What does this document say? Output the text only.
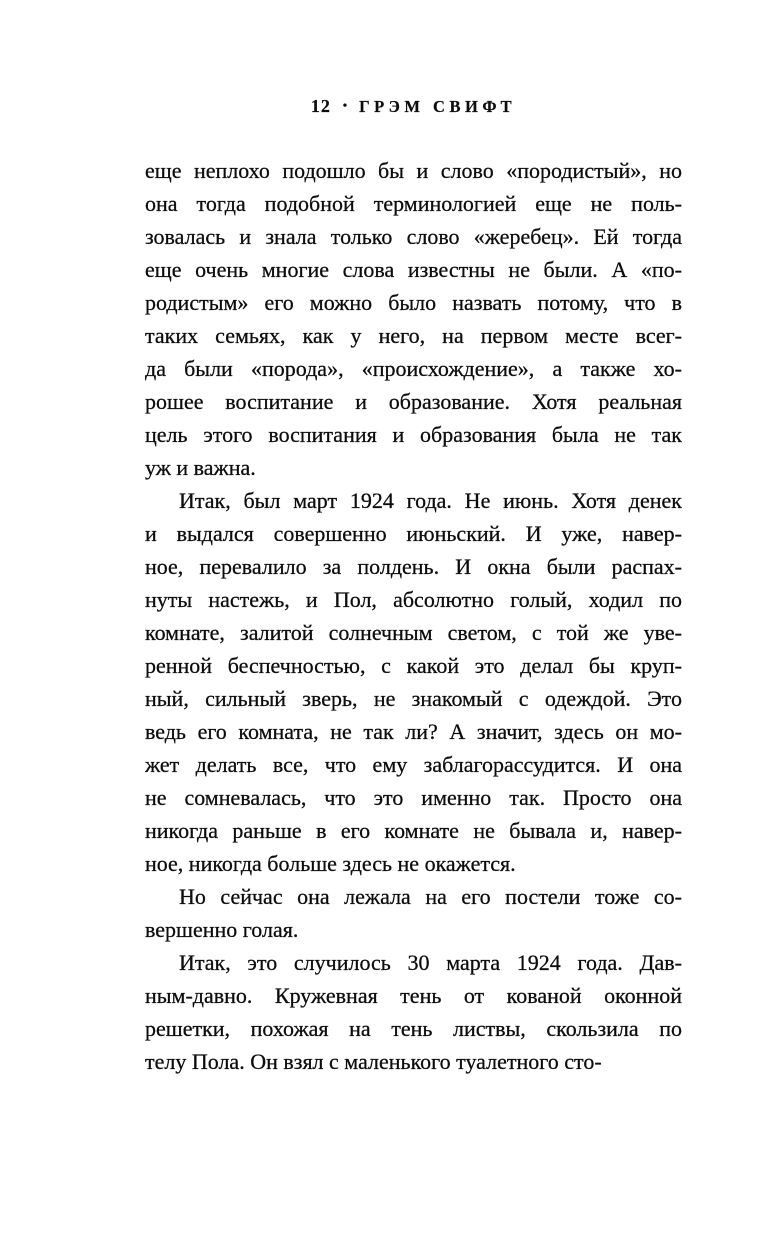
12 • ГРЭМ СВИФТ
еще неплохо подошло бы и слово «породистый», но
она тогда подобной терминологией еще не поль-
зовалась и знала только слово «жеребец». Ей тогда
еще очень многие слова известны не были. А «по-
родистым» его можно было назвать потому, что в
таких семьях, как у него, на первом месте всег-
да были «порода», «происхождение», а также хо-
рошее воспитание и образование. Хотя реальная
цель этого воспитания и образования была не так
уж и важна.
Итак, был март 1924 года. Не июнь. Хотя денек
и выдался совершенно июньский. И уже, навер-
ное, перевалило за полдень. И окна были распах-
нуты настежь, и Пол, абсолютно голый, ходил по
комнате, залитой солнечным светом, с той же уве-
ренной беспечностью, с какой это делал бы круп-
ный, сильный зверь, не знакомый с одеждой. Это
ведь его комната, не так ли? А значит, здесь он мо-
жет делать все, что ему заблагорассудится. И она
не сомневалась, что это именно так. Просто она
никогда раньше в его комнате не бывала и, навер-
ное, никогда больше здесь не окажется.
Но сейчас она лежала на его постели тоже со-
вершенно голая.
Итак, это случилось 30 марта 1924 года. Дав-
ным-давно. Кружевная тень от кованой оконной
решетки, похожая на тень листвы, скользила по
телу Пола. Он взял с маленького туалетного сто-
